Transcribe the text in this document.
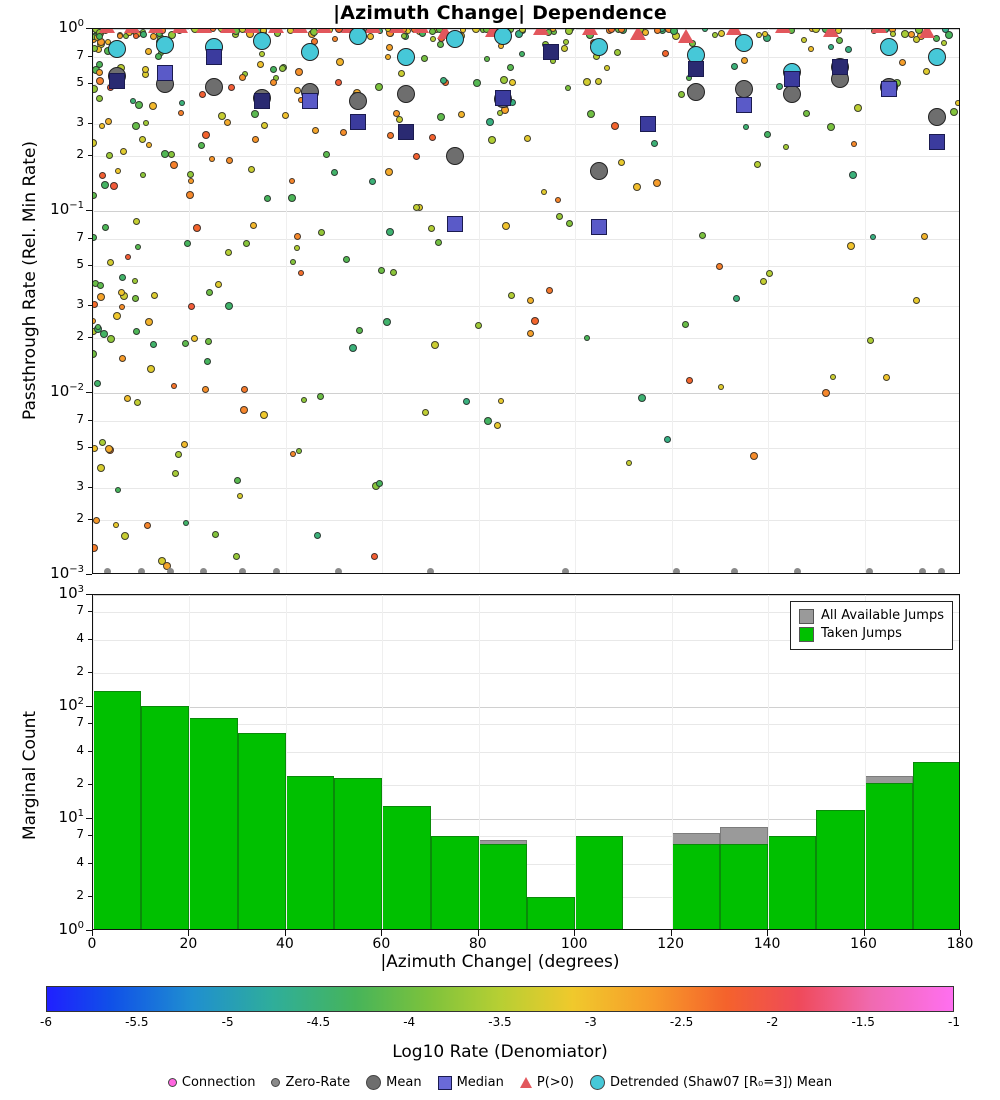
|Azimuth Change| Dependence
Passthrough Rate (Rel. Min Rate)
All Available Jumps
Taken Jumps
Marginal Count
|Azimuth Change| (degrees)
Log10 Rate (Denomiator)
Connection Zero-Rate	Mean	Median	P(>0)	Detrended (Shaw07 [R₀=3]) Mean
$10^0$
7
5
3
2
$10^{-1}$
7
5
3
2
$10^{-2}$
7
5
3
2
$10^{-3}$
$10^3$
7
4
2
$10^2$
7
4
2
$10^1$
7
4
2
$10^0$
0	20	40	60	80	100	120	140	160	180
-6	-5.5	-5	-4.5	-4	-3.5	-3	-2.5	-2	-1.5	-1
